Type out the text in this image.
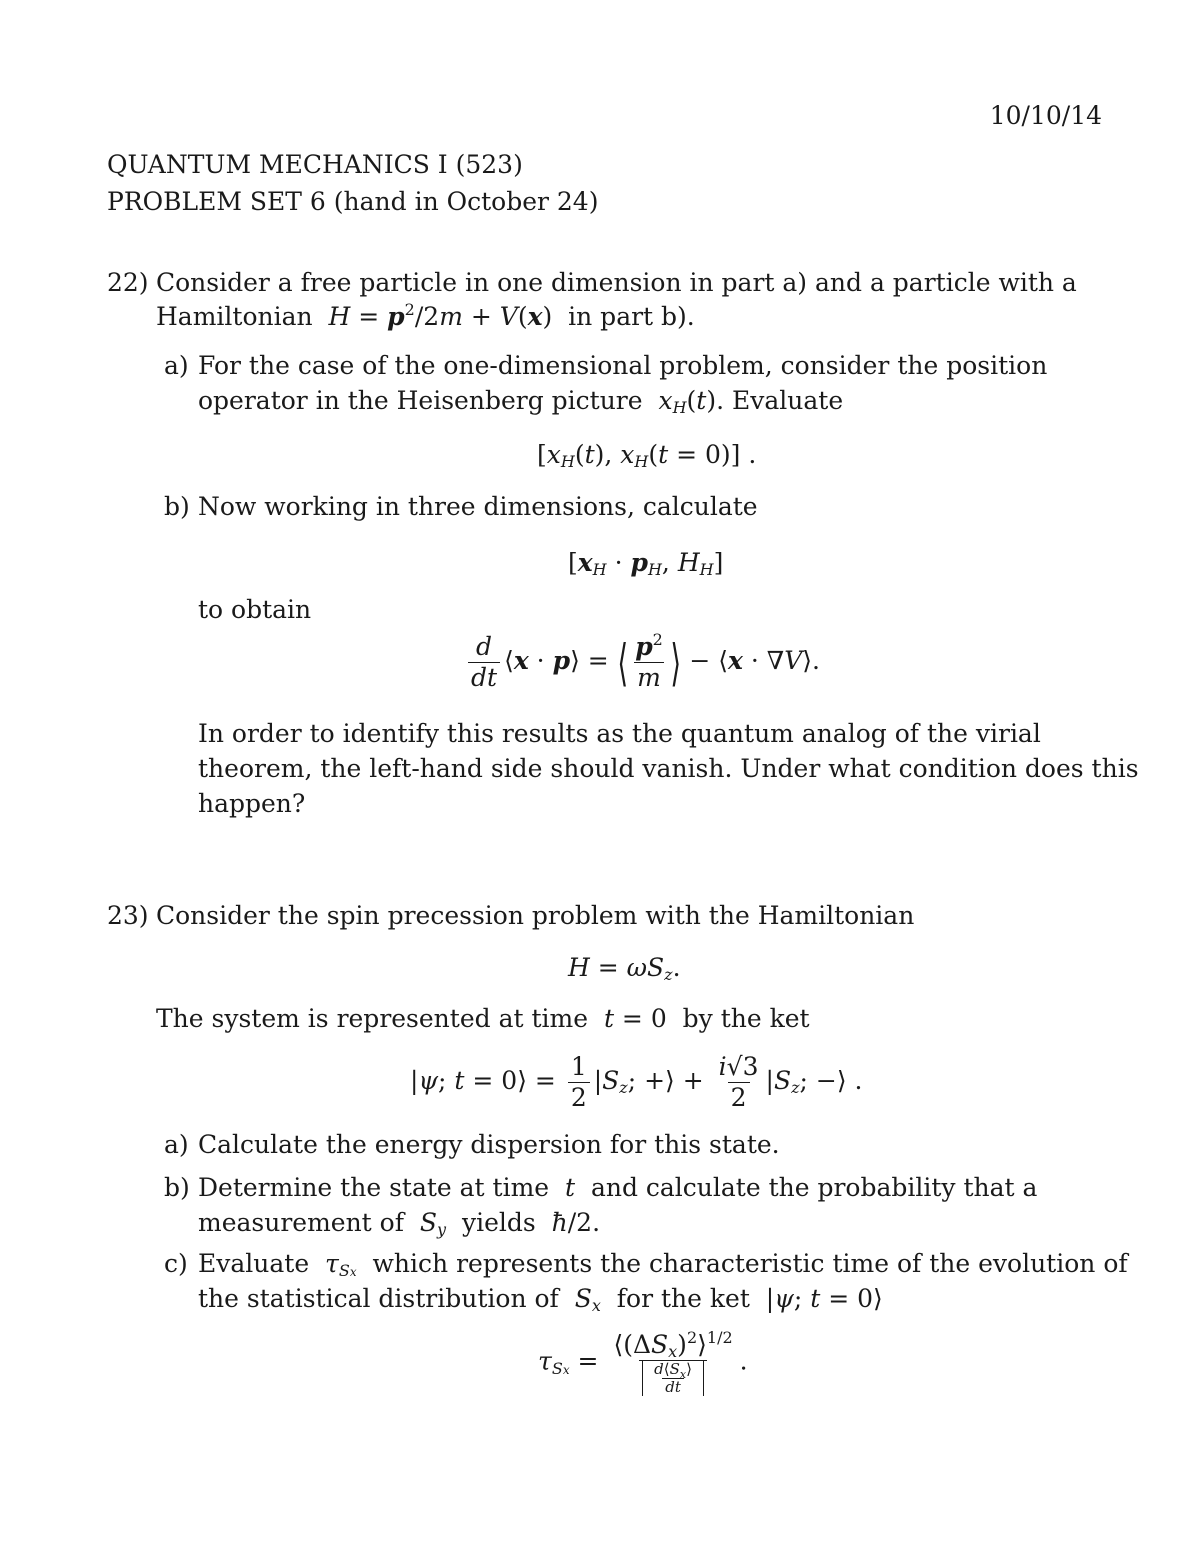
10/10/14
QUANTUM MECHANICS I (523)
PROBLEM SET 6 (hand in October 24)
22) Consider a free particle in one dimension in part a) and a particle with a
Hamiltonian $H = p^2/2m + V(x)$  in part b).
a) For the case of the one-dimensional problem, consider the position
operator in the Heisenberg picture $x_H(t)$. Evaluate
[$x_H(t)$, $x_H(t = 0)$] .
b) Now working in three dimensions, calculate
[$x_H \cdot p_H$, $H_H$]
to obtain
$\frac{d}{dt}$ ⟨x · p⟩ = ⟨ $\frac{p^2}{m}$ ⟩ − ⟨x · ∇V⟩.
In order to identify this results as the quantum analog of the virial
theorem, the left-hand side should vanish. Under what condition does this
happen?
23) Consider the spin precession problem with the Hamiltonian
$H = \omega S_z$.
The system is represented at time t = 0  by the ket
|ψ; t = 0⟩ = $\frac{1}{2} |S_z$; +⟩ + $\frac{i√3}{2} |S_z$; −⟩ .
a) Calculate the energy dispersion for this state.
b) Determine the state at time t and calculate the probability that a
measurement of $S_y$ yields ħ/2.
c) Evaluate $\tau_{Sx}$ which represents the characteristic time of the evolution of
the statistical distribution of $S_x$ for the ket  |ψ; t = 0⟩
$\tau_{Sx} = \frac{⟨(\Delta S_x)^2⟩^{1/2}}{\frac{d⟨S_x⟩}{dt}}$ .
